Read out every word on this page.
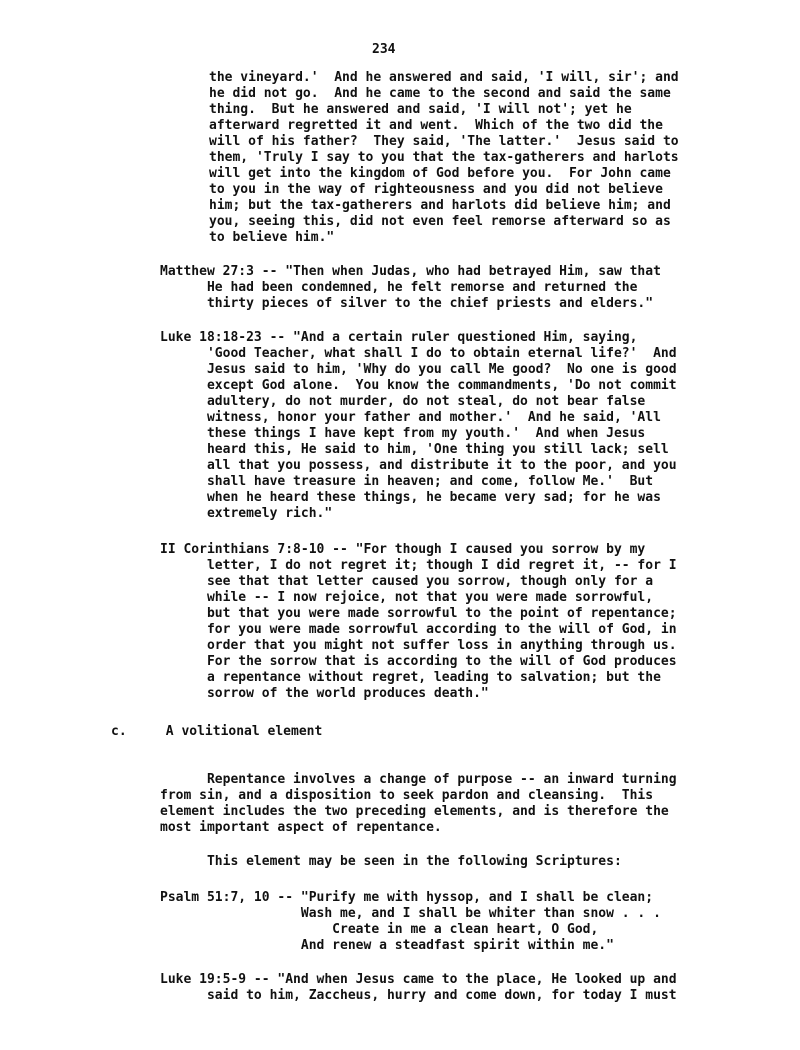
234
the vineyard.'  And he answered and said, 'I will, sir'; and
he did not go.  And he came to the second and said the same
thing.  But he answered and said, 'I will not'; yet he
afterward regretted it and went.  Which of the two did the
will of his father?  They said, 'The latter.'  Jesus said to
them, 'Truly I say to you that the tax-gatherers and harlots
will get into the kingdom of God before you.  For John came
to you in the way of righteousness and you did not believe
him; but the tax-gatherers and harlots did believe him; and
you, seeing this, did not even feel remorse afterward so as
to believe him."
Matthew 27:3 -- "Then when Judas, who had betrayed Him, saw that
He had been condemned, he felt remorse and returned the
thirty pieces of silver to the chief priests and elders."
Luke 18:18-23 -- "And a certain ruler questioned Him, saying,
'Good Teacher, what shall I do to obtain eternal life?'  And
Jesus said to him, 'Why do you call Me good?  No one is good
except God alone.  You know the commandments, 'Do not commit
adultery, do not murder, do not steal, do not bear false
witness, honor your father and mother.'  And he said, 'All
these things I have kept from my youth.'  And when Jesus
heard this, He said to him, 'One thing you still lack; sell
all that you possess, and distribute it to the poor, and you
shall have treasure in heaven; and come, follow Me.'  But
when he heard these things, he became very sad; for he was
extremely rich."
II Corinthians 7:8-10 -- "For though I caused you sorrow by my
letter, I do not regret it; though I did regret it, -- for I
see that that letter caused you sorrow, though only for a
while -- I now rejoice, not that you were made sorrowful,
but that you were made sorrowful to the point of repentance;
for you were made sorrowful according to the will of God, in
order that you might not suffer loss in anything through us.
For the sorrow that is according to the will of God produces
a repentance without regret, leading to salvation; but the
sorrow of the world produces death."
c.     A volitional element
Repentance involves a change of purpose -- an inward turning
from sin, and a disposition to seek pardon and cleansing.  This
element includes the two preceding elements, and is therefore the
most important aspect of repentance.
This element may be seen in the following Scriptures:
Psalm 51:7, 10 -- "Purify me with hyssop, and I shall be clean;
Wash me, and I shall be whiter than snow . . .
Create in me a clean heart, O God,
And renew a steadfast spirit within me."
Luke 19:5-9 -- "And when Jesus came to the place, He looked up and
said to him, Zaccheus, hurry and come down, for today I must
